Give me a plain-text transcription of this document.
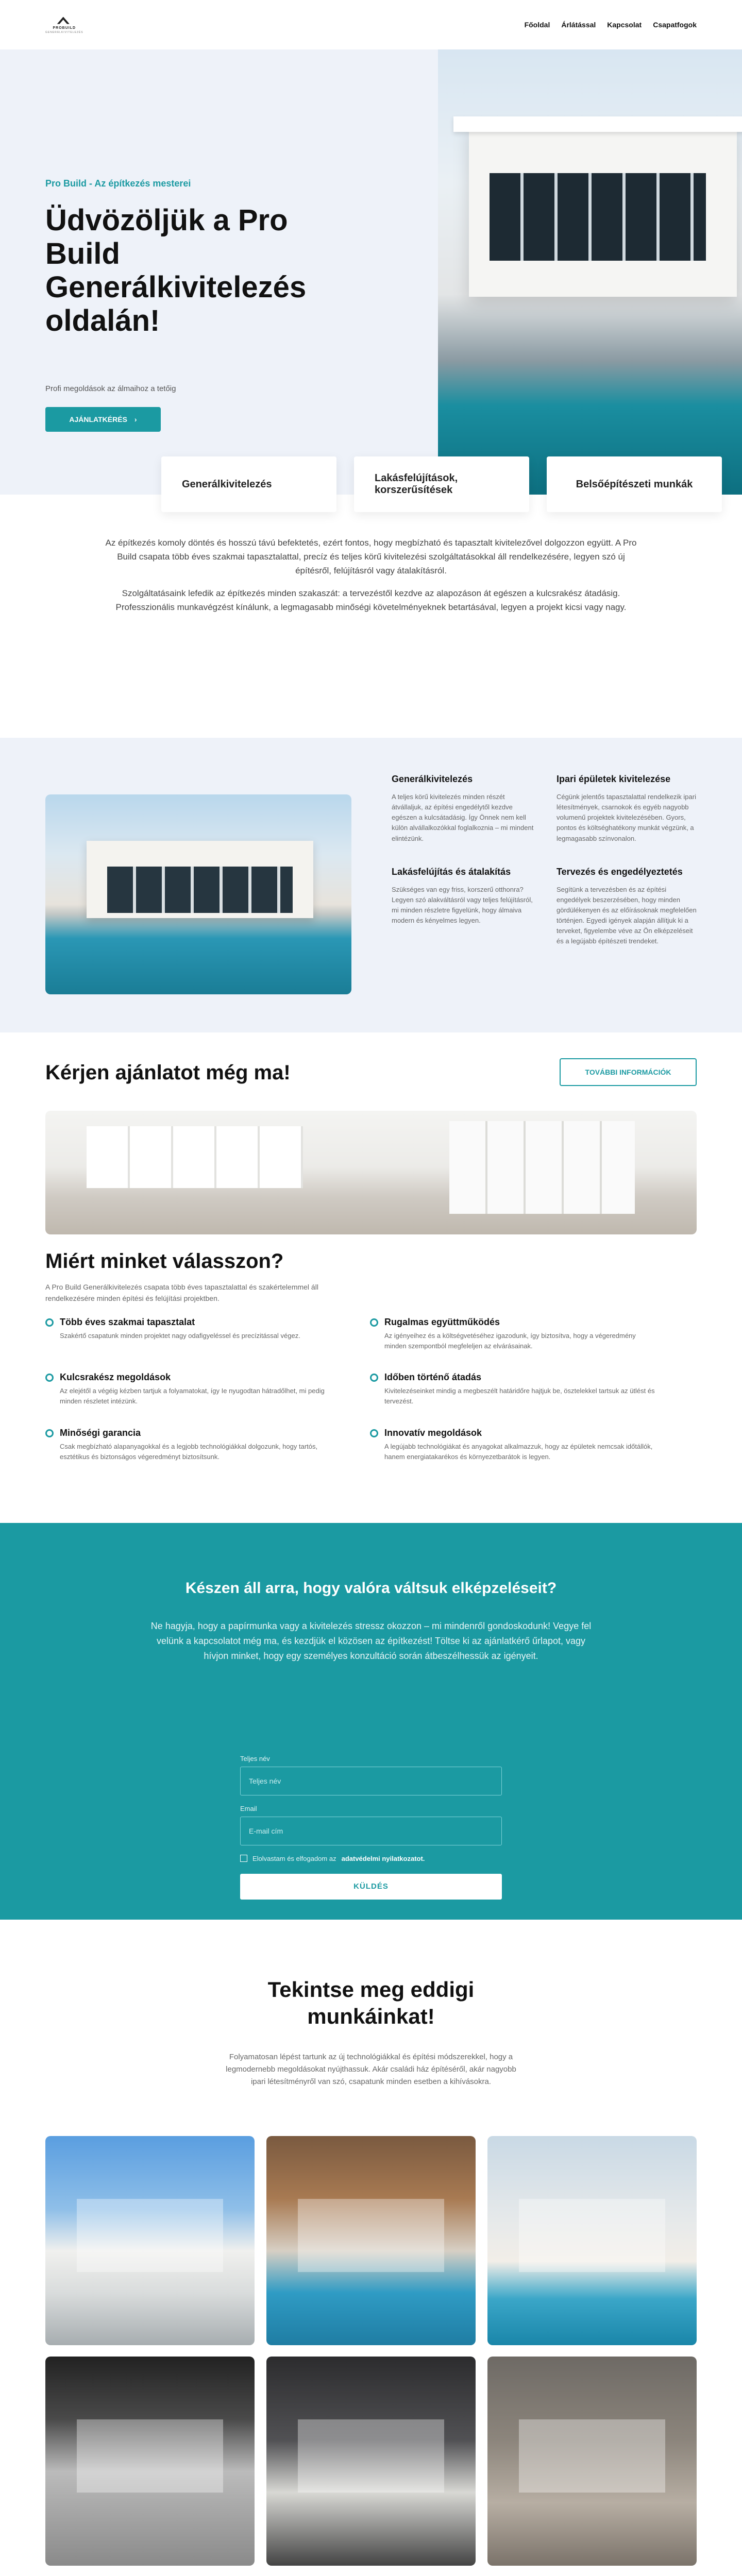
PROBUILD
GENERÁLKIVITELEZÉS
Főoldal Árlátással Kapcsolat Csapatfogok
Pro Build - Az építkezés mesterei
Üdvözöljük a Pro Build Generálkivitelezés oldalán!
Profi megoldások az álmaihoz a tetőig
AJÁNLATKÉRÉS ›
Generálkivitelezés
Lakásfelújítások, korszerűsítések
Belsőépítészeti munkák

Az építkezés komoly döntés és hosszú távú befektetés, ezért fontos, hogy megbízható és tapasztalt kivitelezővel dolgozzon együtt. A Pro Build csapata több éves szakmai tapasztalattal, precíz és teljes körű kivitelezési szolgáltatásokkal áll rendelkezésére, legyen szó új építésről, felújításról vagy átalakításról.

Szolgáltatásaink lefedik az építkezés minden szakaszát: a tervezéstől kezdve az alapozáson át egészen a kulcsrakész átadásig. Professzionális munkavégzést kínálunk, a legmagasabb minőségi követelményeknek betartásával, legyen a projekt kicsi vagy nagy.

Generálkivitelezés

A teljes körű kivitelezés minden részét átvállaljuk, az építési engedélytől kezdve egészen a kulcsátadásig. Így Önnek nem kell külön alvállalkozókkal foglalkoznia – mi mindent elintézünk.

Ipari épületek kivitelezése

Cégünk jelentős tapasztalattal rendelkezik ipari létesítmények, csarnokok és egyéb nagyobb volumenű projektek kivitelezésében. Gyors, pontos és költséghatékony munkát végzünk, a legmagasabb színvonalon.

Lakásfelújítás és átalakítás

Szükséges van egy friss, korszerű otthonra? Legyen szó alakváltásról vagy teljes felújításról, mi minden részletre figyelünk, hogy álmaiva modern és kényelmes legyen.

Tervezés és engedélyeztetés

Segítünk a tervezésben és az építési engedélyek beszerzésében, hogy minden gördülékenyen és az előírásoknak megfelelően történjen. Egyedi igények alapján állítjuk ki a terveket, figyelembe véve az Ön elképzeléseit és a legújabb építészeti trendeket.

Kérjen ajánlatot még ma!	TOVÁBBI INFORMÁCIÓK
Miért minket válasszon?

A Pro Build Generálkivitelezés csapata több éves tapasztalattal és szakértelemmel áll rendelkezésére minden építési és felújítási projektben.

Több éves szakmai tapasztalat

Szakértő csapatunk minden projektet nagy odafigyeléssel és precízitással végez.

Rugalmas együttműködés

Az igényeihez és a költségvetéséhez igazodunk, így biztosítva, hogy a végeredmény minden szempontból megfeleljen az elvárásainak.

Kulcsrakész megoldások

Az elejétől a végéig kézben tartjuk a folyamatokat, így Ie nyugodtan hátradőlhet, mi pedig minden részletet intézünk.

Időben történő átadás

Kivitelezéseinket mindig a megbeszélt határidőre hajtjuk be, ösztelekkel tartsuk az ütlést és tervezést.

Minőségi garancia

Csak megbízható alapanyagokkal és a legjobb technológiákkal dolgozunk, hogy tartós, esztétikus és biztonságos végeredményt biztosítsunk.

Innovatív megoldások

A legújabb technológiákat és anyagokat alkalmazzuk, hogy az épületek nemcsak időtállók, hanem energiatakarékos és környezetbarátok is legyen.

Készen áll arra, hogy valóra váltsuk elképzeléseit?

Ne hagyja, hogy a papírmunka vagy a kivitelezés stressz okozzon – mi mindenről gondoskodunk! Vegye fel velünk a kapcsolatot még ma, és kezdjük el közösen az építkezést! Töltse ki az ajánlatkérő űrlapot, vagy hívjon minket, hogy egy személyes konzultáció során átbeszélhessük az igényeit.

Teljes név
Teljes név
Email
E-mail cím
Elolvastam és elfogadom az adatvédelmi nyilatkozatot.
KÜLDÉS
Tekintse meg eddigi munkáinkat!

Folyamatosan lépést tartunk az új technológiákkal és építési módszerekkel, hogy a legmodernebb megoldásokat nyújthassuk. Akár családi ház építéséről, akár nagyobb ipari létesítményről van szó, csapatunk minden esetben a kihívásokra.
